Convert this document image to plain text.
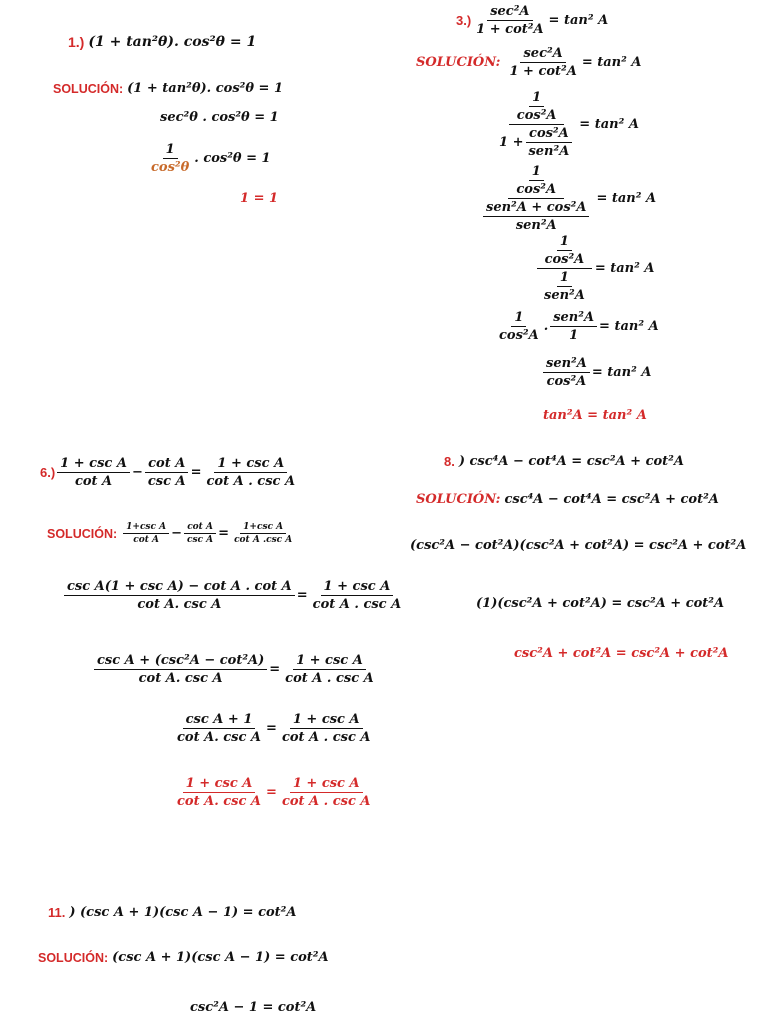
1.) (1 + tan²θ). cos²θ = 1
SOLUCIÓN: (1 + tan²θ). cos²θ = 1
sec²θ . cos²θ = 1
$\frac{1}{\text{cos²θ}}$ . cos²θ = 1
1 = 1
$3.) \frac{\text{sec²A}}{\text{1 + cot²A}} = \tan^2$ A
SOLUCIÓN: $\frac{\text{sec²A}}{\text{1 + cot²A}} = \tan^2$ A
$\frac{\frac{1}{\text{cos²A}}}{1 + \frac{\text{cos²A}}{\text{sen²A}}} = \tan^2$ A
$\frac{\frac{1}{\text{cos²A}}}{\frac{\text{sen²A + cos²A}}{\text{sen²A}}} = \tan^2$ A
$\frac{\frac{1}{\text{cos²A}}}{\frac{1}{\text{sen²A}}} = \tan^2$ A
$\frac{1}{\text{cos²A}}$ . $\frac{\text{sen²A}}{1} = \tan^2$ A
$\frac{\text{sen²A}}{\text{cos²A}} = \tan^2$ A
tan²A = tan² A
$6.) \frac{\text{1 + csc A}}{\text{cot A}} - \frac{\text{cot A}}{\text{csc A}} = \frac{\text{1 + csc A}}{\text{cot A . csc A}}$
SOLUCIÓN: $\frac{\text{1+csc A}}{\text{cot A}} - \frac{\text{cot A}}{\text{csc A}} = \frac{\text{1+csc A}}{\text{cot A .csc A}}$
$\frac{\text{csc A(1 + csc A) − cot A . cot A}}{\text{cot A. csc A}} = \frac{\text{1 + csc A}}{\text{cot A . csc A}}$
$\frac{\text{csc A + (csc²A − cot²A)}}{\text{cot A. csc A}} = \frac{\text{1 + csc A}}{\text{cot A . csc A}}$
$\frac{\text{csc A + 1}}{\text{cot A. csc A}} = \frac{\text{1 + csc A}}{\text{cot A . csc A}}$
$\frac{\text{1 + csc A}}{\text{cot A. csc A}} = \frac{\text{1 + csc A}}{\text{cot A . csc A}}$
8. ) csc⁴A − cot⁴A = csc²A + cot²A
SOLUCIÓN: csc⁴A − cot⁴A = csc²A + cot²A
(csc²A − cot²A)(csc²A + cot²A) = csc²A + cot²A
(1)(csc²A + cot²A) = csc²A + cot²A
csc²A + cot²A = csc²A + cot²A
11. ) (csc A + 1)(csc A − 1) = cot²A
SOLUCIÓN: (csc A + 1)(csc A − 1) = cot²A
csc²A − 1 = cot²A
